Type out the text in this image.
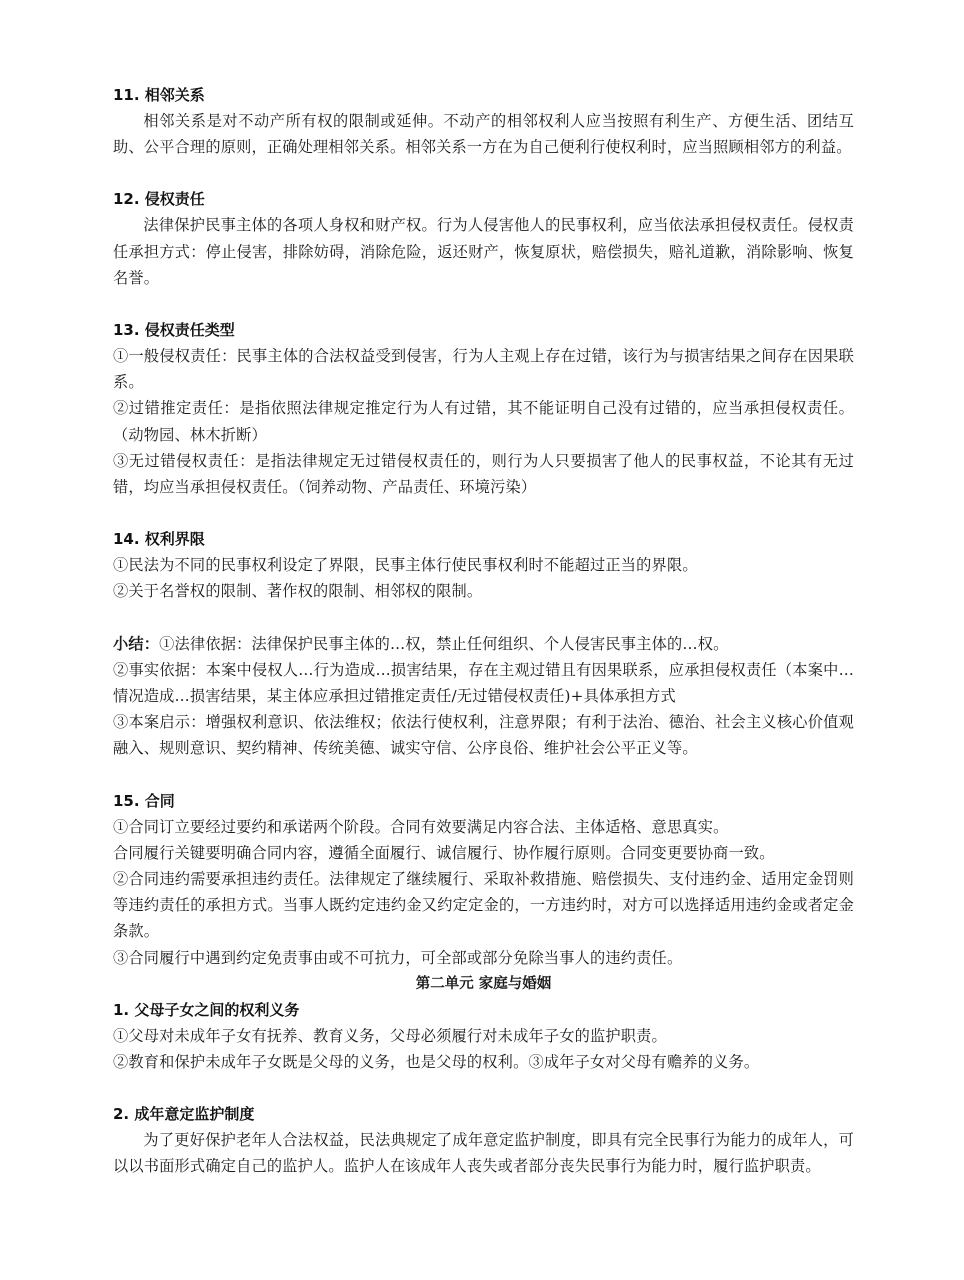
11. 相邻关系

相邻关系是对不动产所有权的限制或延伸。不动产的相邻权利人应当按照有利生产、方便生活、团结互助、公平合理的原则，正确处理相邻关系。相邻关系一方在为自己便利行使权利时，应当照顾相邻方的利益。

12. 侵权责任

法律保护民事主体的各项人身权和财产权。行为人侵害他人的民事权利，应当依法承担侵权责任。侵权责任承担方式：停止侵害，排除妨碍，消除危险，返还财产，恢复原状，赔偿损失，赔礼道歉，消除影响、恢复名誉。

13. 侵权责任类型

①一般侵权责任：民事主体的合法权益受到侵害，行为人主观上存在过错，该行为与损害结果之间存在因果联系。

②过错推定责任：是指依照法律规定推定行为人有过错，其不能证明自己没有过错的，应当承担侵权责任。（动物园、林木折断）

③无过错侵权责任：是指法律规定无过错侵权责任的，则行为人只要损害了他人的民事权益，不论其有无过错，均应当承担侵权责任。（饲养动物、产品责任、环境污染）

14. 权利界限

①民法为不同的民事权利设定了界限，民事主体行使民事权利时不能超过正当的界限。

②关于名誉权的限制、著作权的限制、相邻权的限制。

小结：①法律依据：法律保护民事主体的…权，禁止任何组织、个人侵害民事主体的…权。

②事实依据：本案中侵权人…行为造成…损害结果，存在主观过错且有因果联系，应承担侵权责任（本案中…情况造成…损害结果，某主体应承担过错推定责任/无过错侵权责任)+具体承担方式

③本案启示：增强权利意识、依法维权；依法行使权利，注意界限；有利于法治、德治、社会主义核心价值观融入、规则意识、契约精神、传统美德、诚实守信、公序良俗、维护社会公平正义等。

15. 合同

①合同订立要经过要约和承诺两个阶段。合同有效要满足内容合法、主体适格、意思真实。

合同履行关键要明确合同内容，遵循全面履行、诚信履行、协作履行原则。合同变更要协商一致。

②合同违约需要承担违约责任。法律规定了继续履行、采取补救措施、赔偿损失、支付违约金、适用定金罚则等违约责任的承担方式。当事人既约定违约金又约定定金的，一方违约时，对方可以选择适用违约金或者定金条款。

③合同履行中遇到约定免责事由或不可抗力，可全部或部分免除当事人的违约责任。

第二单元 家庭与婚姻

1. 父母子女之间的权利义务

①父母对未成年子女有抚养、教育义务，父母必须履行对未成年子女的监护职责。

②教育和保护未成年子女既是父母的义务，也是父母的权利。③成年子女对父母有赡养的义务。

2. 成年意定监护制度

为了更好保护老年人合法权益，民法典规定了成年意定监护制度，即具有完全民事行为能力的成年人，可以以书面形式确定自己的监护人。监护人在该成年人丧失或者部分丧失民事行为能力时，履行监护职责。
